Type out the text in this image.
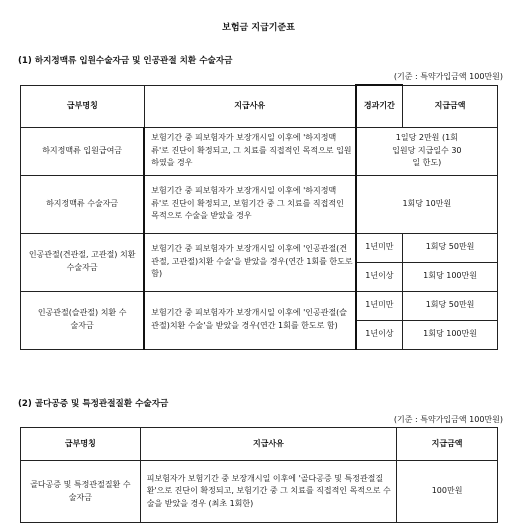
보험금 지급기준표
(1) 하지정맥류 입원수술자금 및 인공관절 치환 수술자금
(기준 : 특약가입금액 100만원)
급부명칭	지급사유	경과기간	지급금액
하지정맥류 입원급여금	보험기간 중 피보험자가 보장개시일 이후에 '하지정맥류'로 진단이 확정되고, 그 치료를 직접적인 목적으로 입원하였을 경우	1일당 2만원 (1회 입원당 지급일수 30일 한도)	
하지정맥류 수술자금	보험기간 중 피보험자가 보장개시일 이후에 '하지정맥류'로 진단이 확정되고, 보험기간 중 그 치료를 직접적인 목적으로 수술을 받았을 경우	1회당 10만원	
인공관절(견관절, 고관절) 치환 수술자금	보험기간 중 피보험자가 보장개시일 이후에 '인공관절(견관절, 고관절)치환 수술'을 받았을 경우(연간 1회를 한도로 함)	1년미만	1회당 50만원
		1년이상	1회당 100만원
인공관절(슬관절) 치환 수술자금	보험기간 중 피보험자가 보장개시일 이후에 '인공관절(슬관절)치환 수술'을 받았을 경우(연간 1회를 한도로 함)	1년미만	1회당 50만원
		1년이상	1회당 100만원
(2) 골다공증 및 특정관절질환 수술자금
(기준 : 특약가입금액 100만원)
급부명칭	지급사유	지급금액
골다공증 및 특정관절질환 수술자금	피보험자가 보험기간 중 보장개시일 이후에 '골다공증 및 특정관절질환'으로 진단이 확정되고, 보험기간 중 그 치료를 직접적인 목적으로 수술을 받았을 경우 (최초 1회한)	100만원
